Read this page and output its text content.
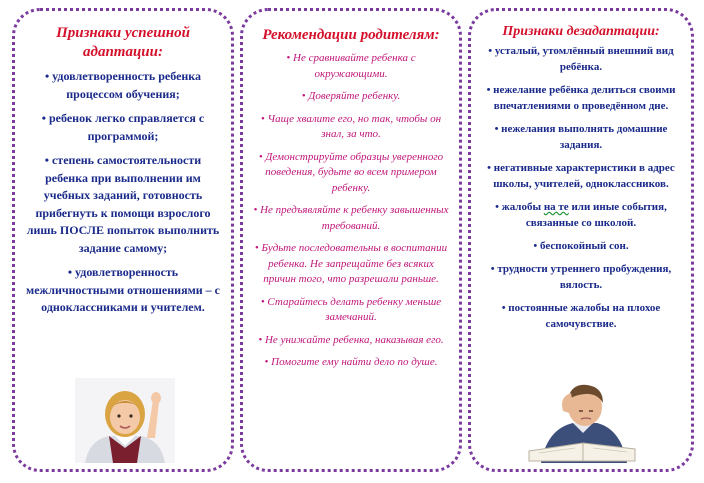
Признаки успешной адаптации:
• удовлетворенность ребенка процессом обучения;
• ребенок легко справляется с программой;
• степень самостоятельности ребенка при выполнении им учебных заданий, готовность прибегнуть к помощи взрослого лишь ПОСЛЕ попыток выполнить задание самому;
• удовлетворенность межличностными отношениями – с одноклассниками и учителем.
Рекомендации родителям:
• Не сравнивайте ребенка с окружающими.
• Доверяйте ребенку.
• Чаще хвалите его, но так, чтобы он знал, за что.
• Демонстрируйте образцы уверенного поведения, будьте во всем примером ребенку.
• Не предъявляйте к ребенку завышенных требований.
• Будьте последовательны в воспитании ребенка. Не запрещайте без всяких причин того, что разрешали раньше.
• Старайтесь делать ребенку меньше замечаний.
• Не унижайте ребенка, наказывая его.
• Помогите ему найти дело по душе.
Признаки дезадаптации:
• усталый, утомлённый внешний вид ребёнка.
• нежелание ребёнка делиться своими впечатлениями о проведённом дне.
• нежелания выполнять домашние задания.
• негативные характеристики в адрес школы, учителей, одноклассников.
• жалобы на те или иные события, связанные со школой.
• беспокойный сон.
• трудности утреннего пробуждения, вялость.
• постоянные жалобы на плохое самочувствие.
